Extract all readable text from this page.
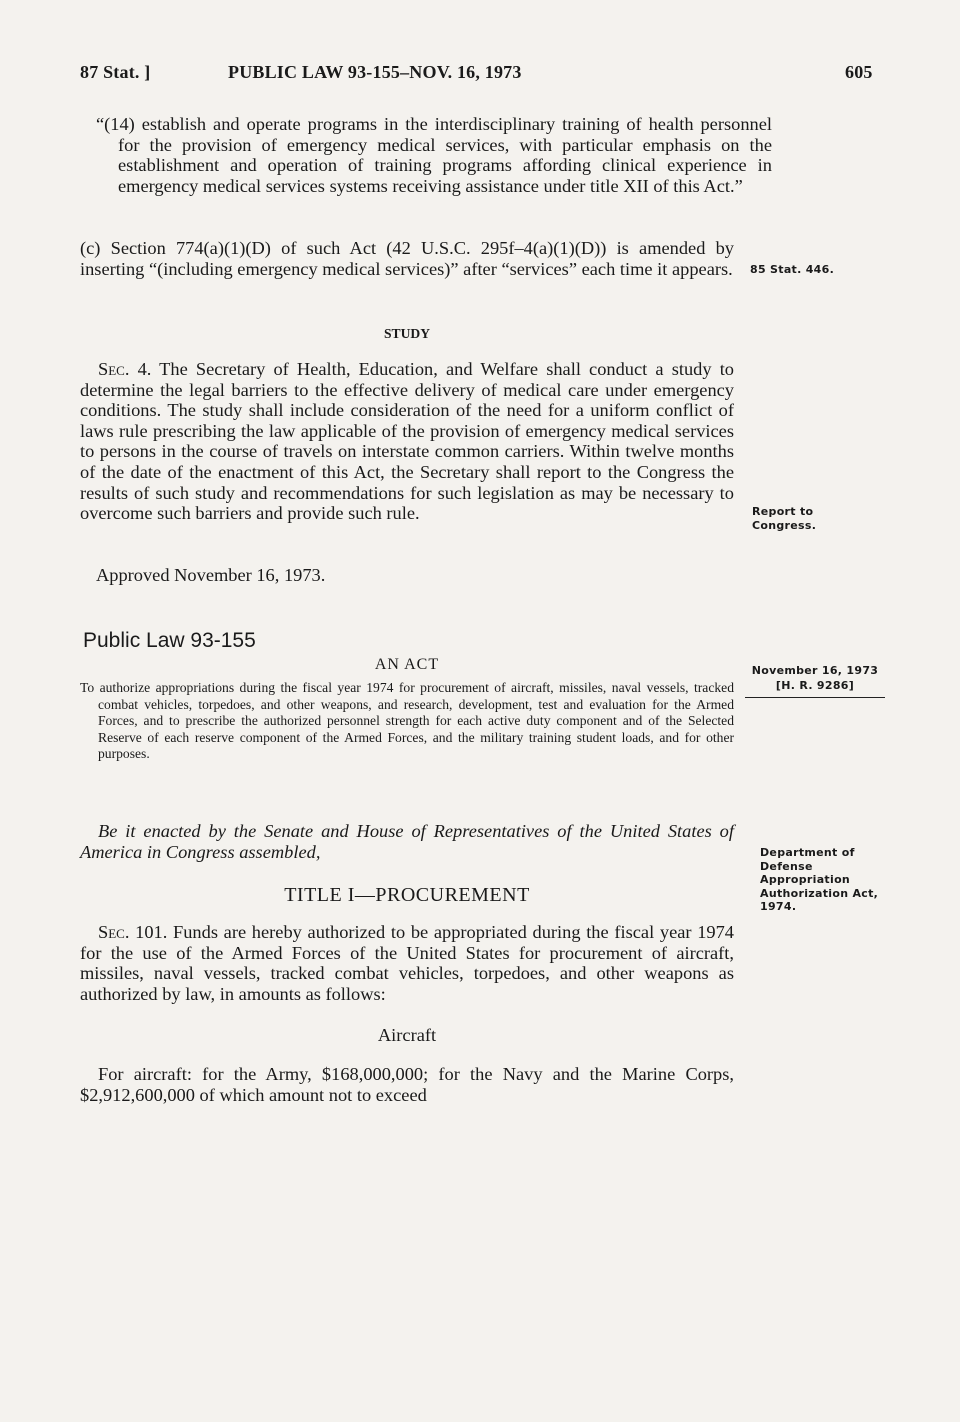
87 Stat. ]	PUBLIC LAW 93-155–NOV. 16, 1973	605
“(14) establish and operate programs in the interdisciplinary training of health personnel for the provision of emergency medical services, with particular emphasis on the establishment and operation of training programs affording clinical experience in emergency medical services systems receiving assistance under title XII of this Act.”
(c) Section 774(a)(1)(D) of such Act (42 U.S.C. 295f–4(a)(1)(D)) is amended by inserting “(including emergency medical services)” after “services” each time it appears. 85 Stat. 446.
STUDY
Sec. 4. The Secretary of Health, Education, and Welfare shall conduct a study to determine the legal barriers to the effective delivery of medical care under emergency conditions. The study shall include consideration of the need for a uniform conflict of laws rule prescribing the law applicable of the provision of emergency medical services to persons in the course of travels on interstate common carriers. Within twelve months of the date of the enactment of this Act, the Secretary shall report to the Congress the results of such study and recommendations for such legislation as may be necessary to overcome such barriers and provide such rule.	Report to Congress.
Approved November 16, 1973.
Public Law 93-155
AN ACT
To authorize appropriations during the fiscal year 1974 for procurement of aircraft, missiles, naval vessels, tracked combat vehicles, torpedoes, and other weapons, and research, development, test and evaluation for the Armed Forces, and to prescribe the authorized personnel strength for each active duty component and of the Selected Reserve of each reserve component of the Armed Forces, and the military training student loads, and for other purposes.
November 16, 1973
[H. R. 9286]
Be it enacted by the Senate and House of Representatives of the United States of America in Congress assembled,	Department of Defense Appropriation Authorization Act, 1974.
TITLE I—PROCUREMENT
Sec. 101. Funds are hereby authorized to be appropriated during the fiscal year 1974 for the use of the Armed Forces of the United States for procurement of aircraft, missiles, naval vessels, tracked combat vehicles, torpedoes, and other weapons as authorized by law, in amounts as follows:
Aircraft
For aircraft: for the Army, $168,000,000; for the Navy and the Marine Corps, $2,912,600,000 of which amount not to exceed
